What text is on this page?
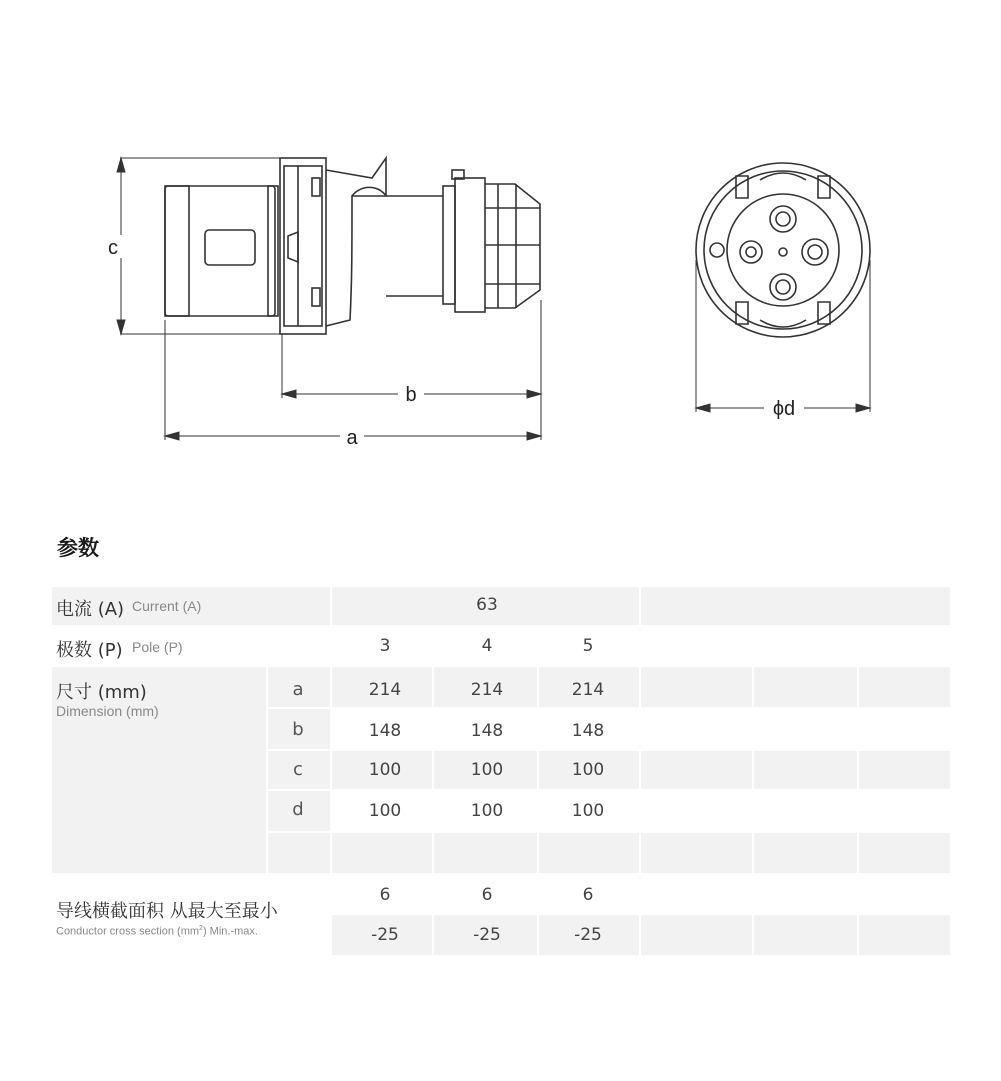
c
b
a
ϕd
参数
电流 (A) Current (A)	63
极数 (P) Pole (P)	3	4	5
尺寸 (mm)
Dimension (mm)
a	214	214	214
b	148	148	148
c	100	100	100
d	100	100	100
导线横截面积 从最大至最小
Conductor cross section $(mm^2)$ Min.-max.
6	6	6
-25	-25	-25
